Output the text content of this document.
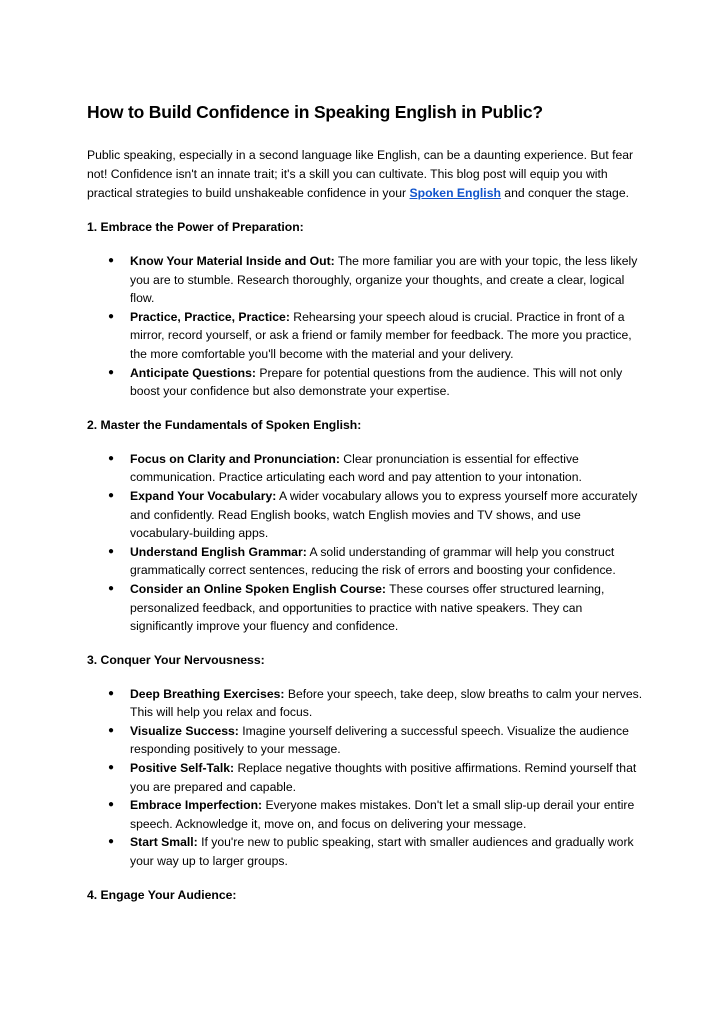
How to Build Confidence in Speaking English in Public?

Public speaking, especially in a second language like English, can be a daunting experience. But fear not! Confidence isn't an innate trait; it's a skill you can cultivate. This blog post will equip you with practical strategies to build unshakeable confidence in your Spoken English and conquer the stage.

1. Embrace the Power of Preparation:

● Know Your Material Inside and Out: The more familiar you are with your topic, the less likely you are to stumble. Research thoroughly, organize your thoughts, and create a clear, logical flow.
● Practice, Practice, Practice: Rehearsing your speech aloud is crucial. Practice in front of a mirror, record yourself, or ask a friend or family member for feedback. The more you practice, the more comfortable you'll become with the material and your delivery.
● Anticipate Questions: Prepare for potential questions from the audience. This will not only boost your confidence but also demonstrate your expertise.

2. Master the Fundamentals of Spoken English:

● Focus on Clarity and Pronunciation: Clear pronunciation is essential for effective communication. Practice articulating each word and pay attention to your intonation.
● Expand Your Vocabulary: A wider vocabulary allows you to express yourself more accurately and confidently. Read English books, watch English movies and TV shows, and use vocabulary-building apps.
● Understand English Grammar: A solid understanding of grammar will help you construct grammatically correct sentences, reducing the risk of errors and boosting your confidence.
● Consider an Online Spoken English Course: These courses offer structured learning, personalized feedback, and opportunities to practice with native speakers. They can significantly improve your fluency and confidence.

3. Conquer Your Nervousness:

● Deep Breathing Exercises: Before your speech, take deep, slow breaths to calm your nerves. This will help you relax and focus.
● Visualize Success: Imagine yourself delivering a successful speech. Visualize the audience responding positively to your message.
● Positive Self-Talk: Replace negative thoughts with positive affirmations. Remind yourself that you are prepared and capable.
● Embrace Imperfection: Everyone makes mistakes. Don't let a small slip-up derail your entire speech. Acknowledge it, move on, and focus on delivering your message.
● Start Small: If you're new to public speaking, start with smaller audiences and gradually work your way up to larger groups.

4. Engage Your Audience:
